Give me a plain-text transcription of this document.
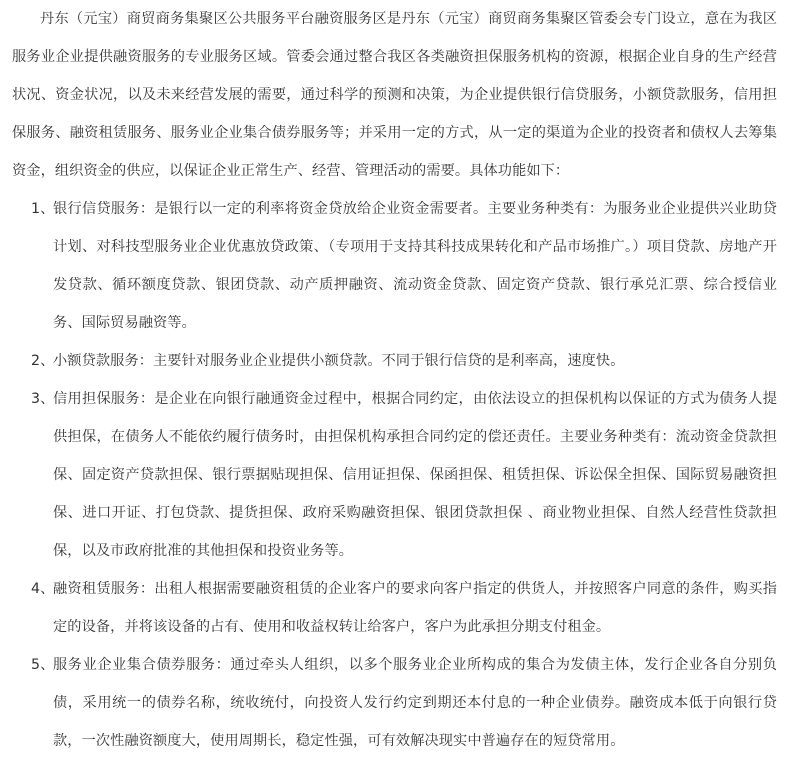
丹东（元宝）商贸商务集聚区公共服务平台融资服务区是丹东（元宝）商贸商务集聚区管委会专门设立，意在为我区服务业企业提供融资服务的专业服务区域。管委会通过整合我区各类融资担保服务机构的资源，根据企业自身的生产经营状况、资金状况，以及未来经营发展的需要，通过科学的预测和决策，为企业提供银行信贷服务，小额贷款服务，信用担保服务、融资租赁服务、服务业企业集合债券服务等；并采用一定的方式，从一定的渠道为企业的投资者和债权人去筹集资金，组织资金的供应，以保证企业正常生产、经营、管理活动的需要。具体功能如下：

1、
银行信贷服务：是银行以一定的利率将资金贷放给企业资金需要者。主要业务种类有：为服务业企业提供兴业助贷计划、对科技型服务业企业优惠放贷政策、（专项用于支持其科技成果转化和产品市场推广。）项目贷款、房地产开发贷款、循环额度贷款、银团贷款、动产质押融资、流动资金贷款、固定资产贷款、银行承兑汇票、综合授信业务、国际贸易融资等。
2、
小额贷款服务：主要针对服务业企业提供小额贷款。不同于银行信贷的是利率高，速度快。
3、
信用担保服务：是企业在向银行融通资金过程中，根据合同约定，由依法设立的担保机构以保证的方式为债务人提供担保，在债务人不能依约履行债务时，由担保机构承担合同约定的偿还责任。主要业务种类有：流动资金贷款担保、固定资产贷款担保、银行票据贴现担保、信用证担保、保函担保、租赁担保、诉讼保全担保、国际贸易融资担保、进口开证、打包贷款、提货担保、政府采购融资担保、银团贷款担保 、商业物业担保、自然人经营性贷款担保，以及市政府批准的其他担保和投资业务等。
4、
融资租赁服务：出租人根据需要融资租赁的企业客户的要求向客户指定的供货人，并按照客户同意的条件，购买指定的设备，并将该设备的占有、使用和收益权转让给客户，客户为此承担分期支付租金。
5、
服务业企业集合债券服务：通过牵头人组织，以多个服务业企业所构成的集合为发债主体，发行企业各自分别负债，采用统一的债券名称，统收统付，向投资人发行约定到期还本付息的一种企业债券。融资成本低于向银行贷款，一次性融资额度大，使用周期长，稳定性强，可有效解决现实中普遍存在的短贷常用。
